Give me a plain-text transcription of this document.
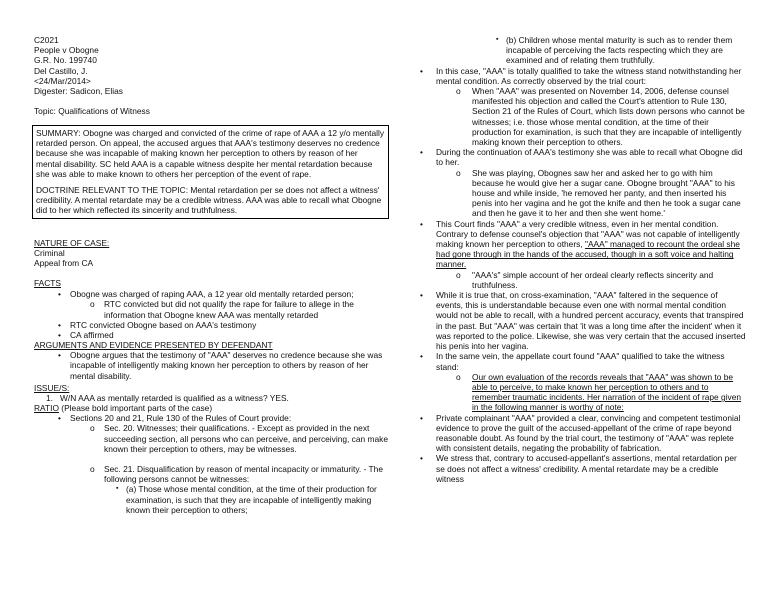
C2021
People v Obogne
G.R. No. 199740
Del Castillo, J.
<24/Mar/2014>
Digester: Sadicon, Elias
Topic: Qualifications of Witness

SUMMARY: Obogne was charged and convicted of the crime of rape of AAA a 12 y/o mentally retarded person. On appeal, the accused argues that AAA's testimony deserves no credence because she was incapable of making known her perception to others by reason of her mental disability. SC held AAA is a capable witness despite her mental retardation because she was able to make known to others her perception of the event of rape.

DOCTRINE RELEVANT TO THE TOPIC: Mental retardation per se does not affect a witness' credibility. A mental retardate may be a credible witness. AAA was able to recall what Obogne did to her which reflected its sincerity and truthfulness.

NATURE OF CASE:
Criminal
Appeal from CA
FACTS
• Obogne was charged of raping AAA, a 12 year old mentally retarded person;
o RTC convicted but did not qualify the rape for failure to allege in the information that Obogne knew AAA was mentally retarded
• RTC convicted Obogne based on AAA's testimony
• CA affirmed
ARGUMENTS AND EVIDENCE PRESENTED BY DEFENDANT
• Obogne argues that the testimony of "AAA" deserves no credence because she was incapable of intelligently making known her perception to others by reason of her mental disability.
ISSUE/S:
1. W/N AAA as mentally retarded is qualified as a witness? YES.
RATIO (Please bold important parts of the case)
• Sections 20 and 21, Rule 130 of the Rules of Court provide:
o Sec. 20. Witnesses; their qualifications. - Except as provided in the next succeeding section, all persons who can perceive, and perceiving, can make known their perception to others, may be witnesses.
o Sec. 21. Disqualification by reason of mental incapacity or immaturity. - The following persons cannot be witnesses:
▪ (a) Those whose mental condition, at the time of their production for examination, is such that they are incapable of intelligently making known their perception to others;
▪ (b) Children whose mental maturity is such as to render them incapable of perceiving the facts respecting which they are examined and of relating them truthfully.
• In this case, "AAA" is totally qualified to take the witness stand notwithstanding her mental condition. As correctly observed by the trial court:
o When "AAA" was presented on November 14, 2006, defense counsel manifested his objection and called the Court's attention to Rule 130, Section 21 of the Rules of Court, which lists down persons who cannot be witnesses; i.e. those whose mental condition, at the time of their production for examination, is such that they are incapable of intelligently making known their perception to others.
• During the continuation of AAA's testimony she was able to recall what Obogne did to her.
o She was playing, Obognes saw her and asked her to go with him because he would give her a sugar cane. Obogne brought "AAA" to his house and while inside, 'he removed her panty, and then inserted his penis into her vagina and he got the knife and then he took a sugar cane and then he gave it to her and then she went home.'
• This Court finds "AAA" a very credible witness, even in her mental condition. Contrary to defense counsel's objection that "AAA" was not capable of intelligently making known her perception to others, "AAA" managed to recount the ordeal she had gone through in the hands of the accused, though in a soft voice and halting manner.
o "AAA's" simple account of her ordeal clearly reflects sincerity and truthfulness.
• While it is true that, on cross-examination, "AAA" faltered in the sequence of events, this is understandable because even one with normal mental condition would not be able to recall, with a hundred percent accuracy, events that transpired in the past. But "AAA" was certain that 'it was a long time after the incident' when it was reported to the police. Likewise, she was very certain that the accused inserted his penis into her vagina.
• In the same vein, the appellate court found "AAA" qualified to take the witness stand:
o Our own evaluation of the records reveals that "AAA" was shown to be able to perceive, to make known her perception to others and to remember traumatic incidents. Her narration of the incident of rape given in the following manner is worthy of note:
• Private complainant "AAA" provided a clear, convincing and competent testimonial evidence to prove the guilt of the accused-appellant of the crime of rape beyond reasonable doubt. As found by the trial court, the testimony of "AAA" was replete with consistent details, negating the probability of fabrication.
• We stress that, contrary to accused-appellant's assertions, mental retardation per se does not affect a witness' credibility. A mental retardate may be a credible witness
